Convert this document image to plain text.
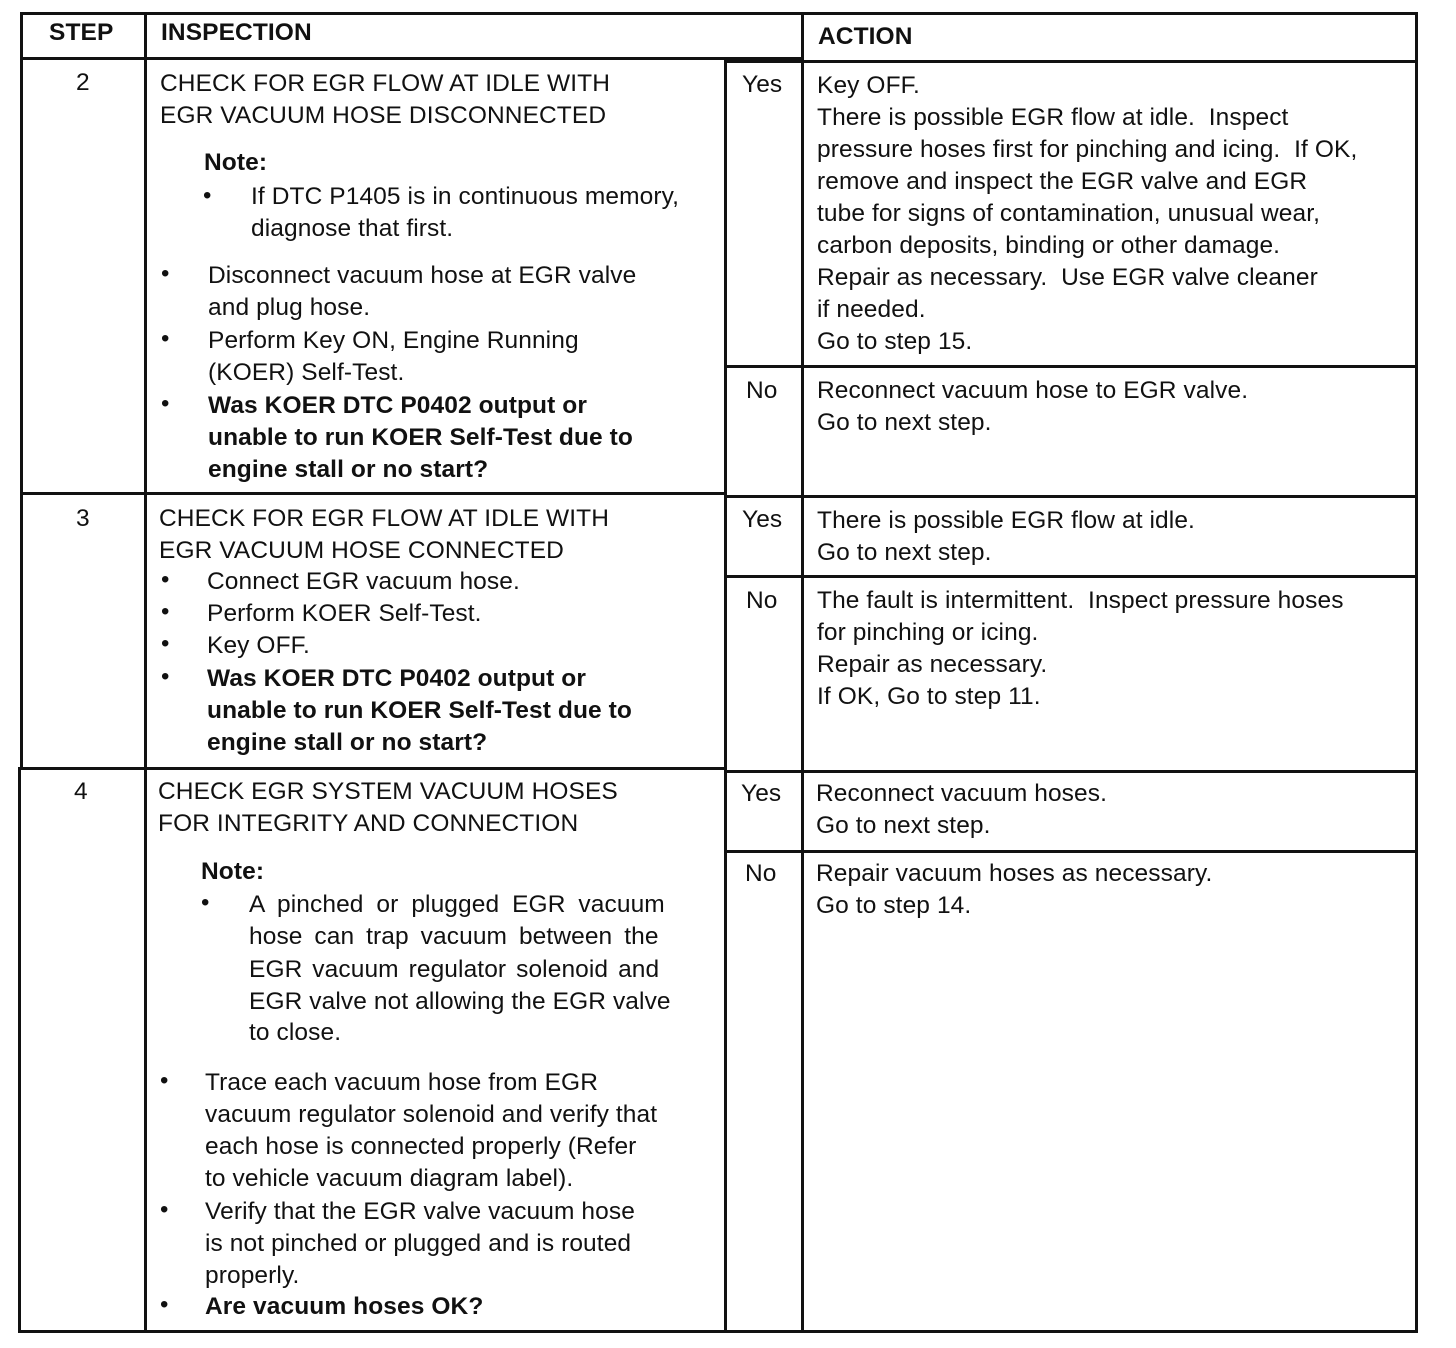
STEP INSPECTION	ACTION
2	CHECK FOR EGR FLOW AT IDLE WITH
EGR VACUUM HOSE DISCONNECTED
Note:
• If DTC P1405 is in continuous memory,
diagnose that first.
• Disconnect vacuum hose at EGR valve
and plug hose.
• Perform Key ON, Engine Running
(KOER) Self-Test.
• Was KOER DTC P0402 output or
unable to run KOER Self-Test due to
engine stall or no start?
Yes Key OFF.
There is possible EGR flow at idle.  Inspect
pressure hoses first for pinching and icing.  If OK,
remove and inspect the EGR valve and EGR
tube for signs of contamination, unusual wear,
carbon deposits, binding or other damage.
Repair as necessary.  Use EGR valve cleaner
if needed.
Go to step 15.
No Reconnect vacuum hose to EGR valve.
Go to next step.
3	CHECK FOR EGR FLOW AT IDLE WITH
EGR VACUUM HOSE CONNECTED
• Connect EGR vacuum hose.
• Perform KOER Self-Test.
• Key OFF.
• Was KOER DTC P0402 output or
unable to run KOER Self-Test due to
engine stall or no start?
Yes There is possible EGR flow at idle.
Go to next step.
No The fault is intermittent.  Inspect pressure hoses
for pinching or icing.
Repair as necessary.
If OK, Go to step 11.
4	CHECK EGR SYSTEM VACUUM HOSES
FOR INTEGRITY AND CONNECTION
Note:
• A pinched or plugged EGR vacuum
hose can trap vacuum between the
EGR vacuum regulator solenoid and
EGR valve not allowing the EGR valve
to close.
• Trace each vacuum hose from EGR
vacuum regulator solenoid and verify that
each hose is connected properly (Refer
to vehicle vacuum diagram label).
• Verify that the EGR valve vacuum hose
is not pinched or plugged and is routed
properly.
• Are vacuum hoses OK?
Yes Reconnect vacuum hoses.
Go to next step.
No Repair vacuum hoses as necessary.
Go to step 14.
